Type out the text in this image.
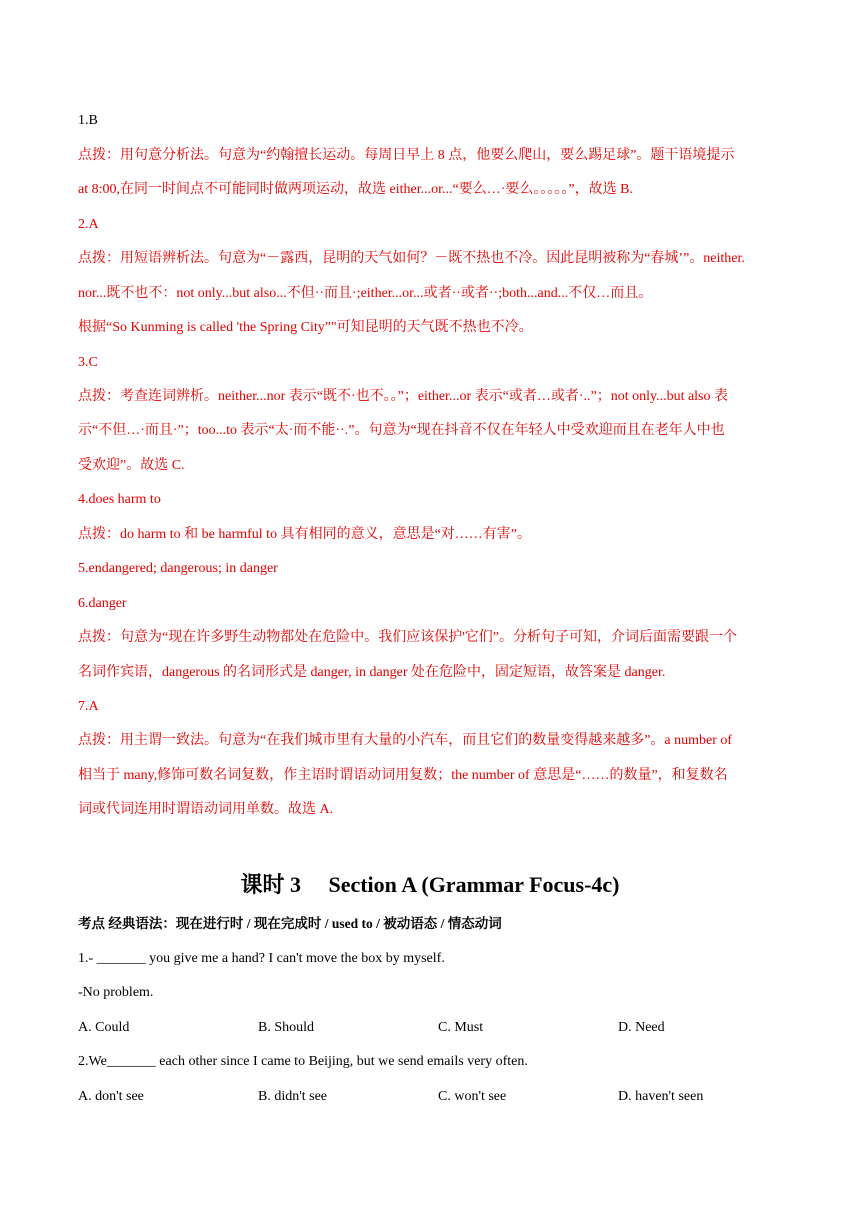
1.B
点拨：用句意分析法。句意为“约翰擅长运动。每周日早上 8 点，他要么爬山，要么踢足球”。题干语境提示
at 8:00,在同一时间点不可能同时做两项运动，故选 either...or...“要么…·要么。。。。。”，故选 B.
2.A
点拨：用短语辨析法。句意为“－露西，昆明的天气如何？－既不热也不冷。因此昆明被称为“春城’”。neither.
nor...既不也不：not only...but also...不但··而且·;either...or...或者··或者··;both...and...不仅…而且。
根据“So Kunming is called 'the Spring City”"可知昆明的天气既不热也不冷。
3.C
点拨：考查连词辨析。neither...nor 表示“既不·也不。。”；either...or 表示“或者…或者·..”；not only...but also 表
示“不但…·而且·”；too...to 表示“太·而不能··.”。句意为“现在抖音不仅在年轻人中受欢迎而且在老年人中也
受欢迎”。故选 C.
4.does harm to
点拨：do harm to 和 be harmful to 具有相同的意义，意思是“对……有害”。
5.endangered; dangerous; in danger
6.danger
点拨：句意为“现在许多野生动物都处在危险中。我们应该保护'它们”。分析句子可知，介词后面需要跟一个
名词作宾语，dangerous 的名词形式是 danger, in danger 处在危险中，固定短语，故答案是 danger.
7.A
点拨：用主谓一致法。句意为“在我们城市里有大量的小汽车，而且它们的数量变得越来越多”。a number of
相当于 many,修饰可数名词复数，作主语时谓语动词用复数；the number of 意思是“……的数量”，和复数名
词或代词连用时谓语动词用单数。故选 A.
课时 3　 Section A (Grammar Focus-4c)
考点 经典语法：现在进行时 / 现在完成时 / used to / 被动语态 / 情态动词
1.- _______ you give me a hand? I can't move the box by myself.
-No problem.
A. Could	B. Should	C. Must	D. Need
2.We_______ each other since I came to Beijing, but we send emails very often.
A. don't see	B. didn't see	C. won't see	D. haven't seen
